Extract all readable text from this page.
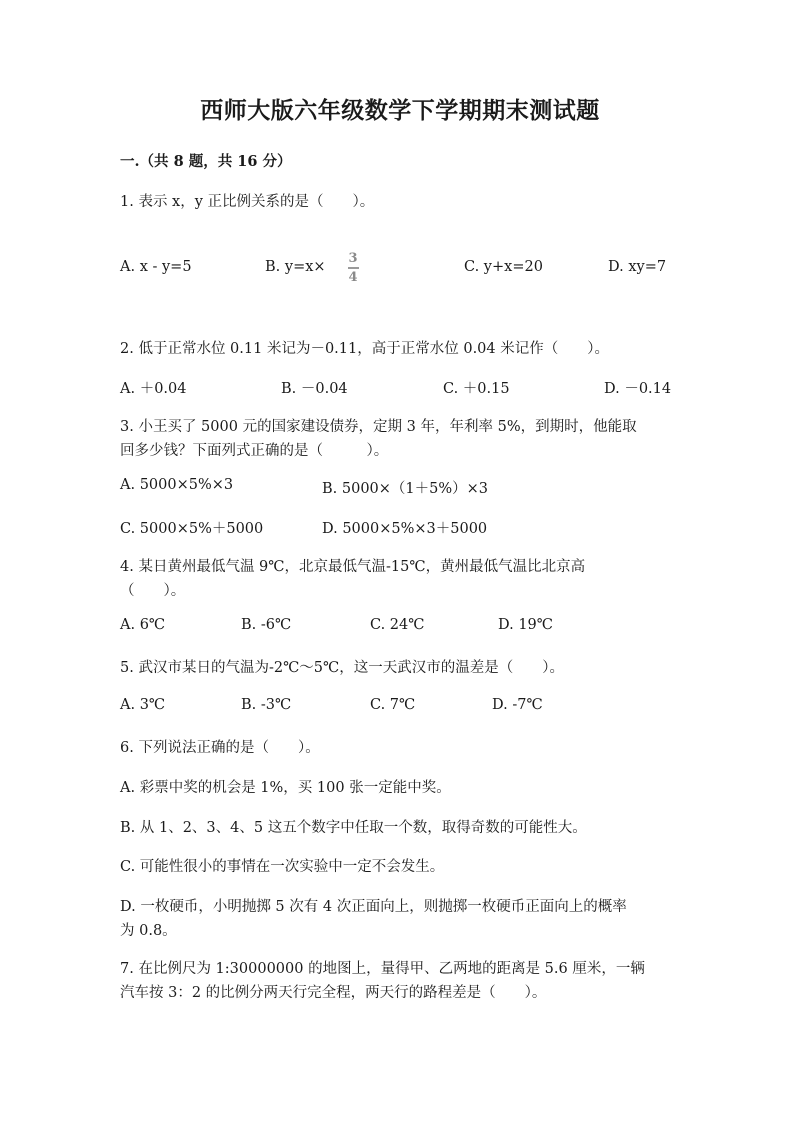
西师大版六年级数学下学期期末测试题
一.（共 8 题，共 16 分）
1. 表示 x，y 正比例关系的是（　　）。
A. x - y=5	B. y=x×
3
4
C. y+x=20	D. xy=7
2. 低于正常水位 0.11 米记为－0.11，高于正常水位 0.04 米记作（　　）。
A. ＋0.04	B. －0.04	C. ＋0.15	D. －0.14
3. 小王买了 5000 元的国家建设债券，定期 3 年，年利率 5%，到期时，他能取
回多少钱？下面列式正确的是（　　　）。
A. 5000×5%×3	B. 5000×（1＋5%）×3
C. 5000×5%＋5000	D. 5000×5%×3＋5000
4. 某日黄州最低气温 9℃，北京最低气温-15℃，黄州最低气温比北京高
（　　）。
A. 6℃	B. -6℃	C. 24℃	D. 19℃
5. 武汉市某日的气温为-2℃～5℃，这一天武汉市的温差是（　　）。
A. 3℃	B. -3℃	C. 7℃	D. -7℃
6. 下列说法正确的是（　　）。
A. 彩票中奖的机会是 1%，买 100 张一定能中奖。
B. 从 1、2、3、4、5 这五个数字中任取一个数，取得奇数的可能性大。
C. 可能性很小的事情在一次实验中一定不会发生。
D. 一枚硬币，小明抛掷 5 次有 4 次正面向上，则抛掷一枚硬币正面向上的概率
为 0.8。
7. 在比例尺为 1:30000000 的地图上，量得甲、乙两地的距离是 5.6 厘米，一辆
汽车按 3：2 的比例分两天行完全程，两天行的路程差是（　　）。
